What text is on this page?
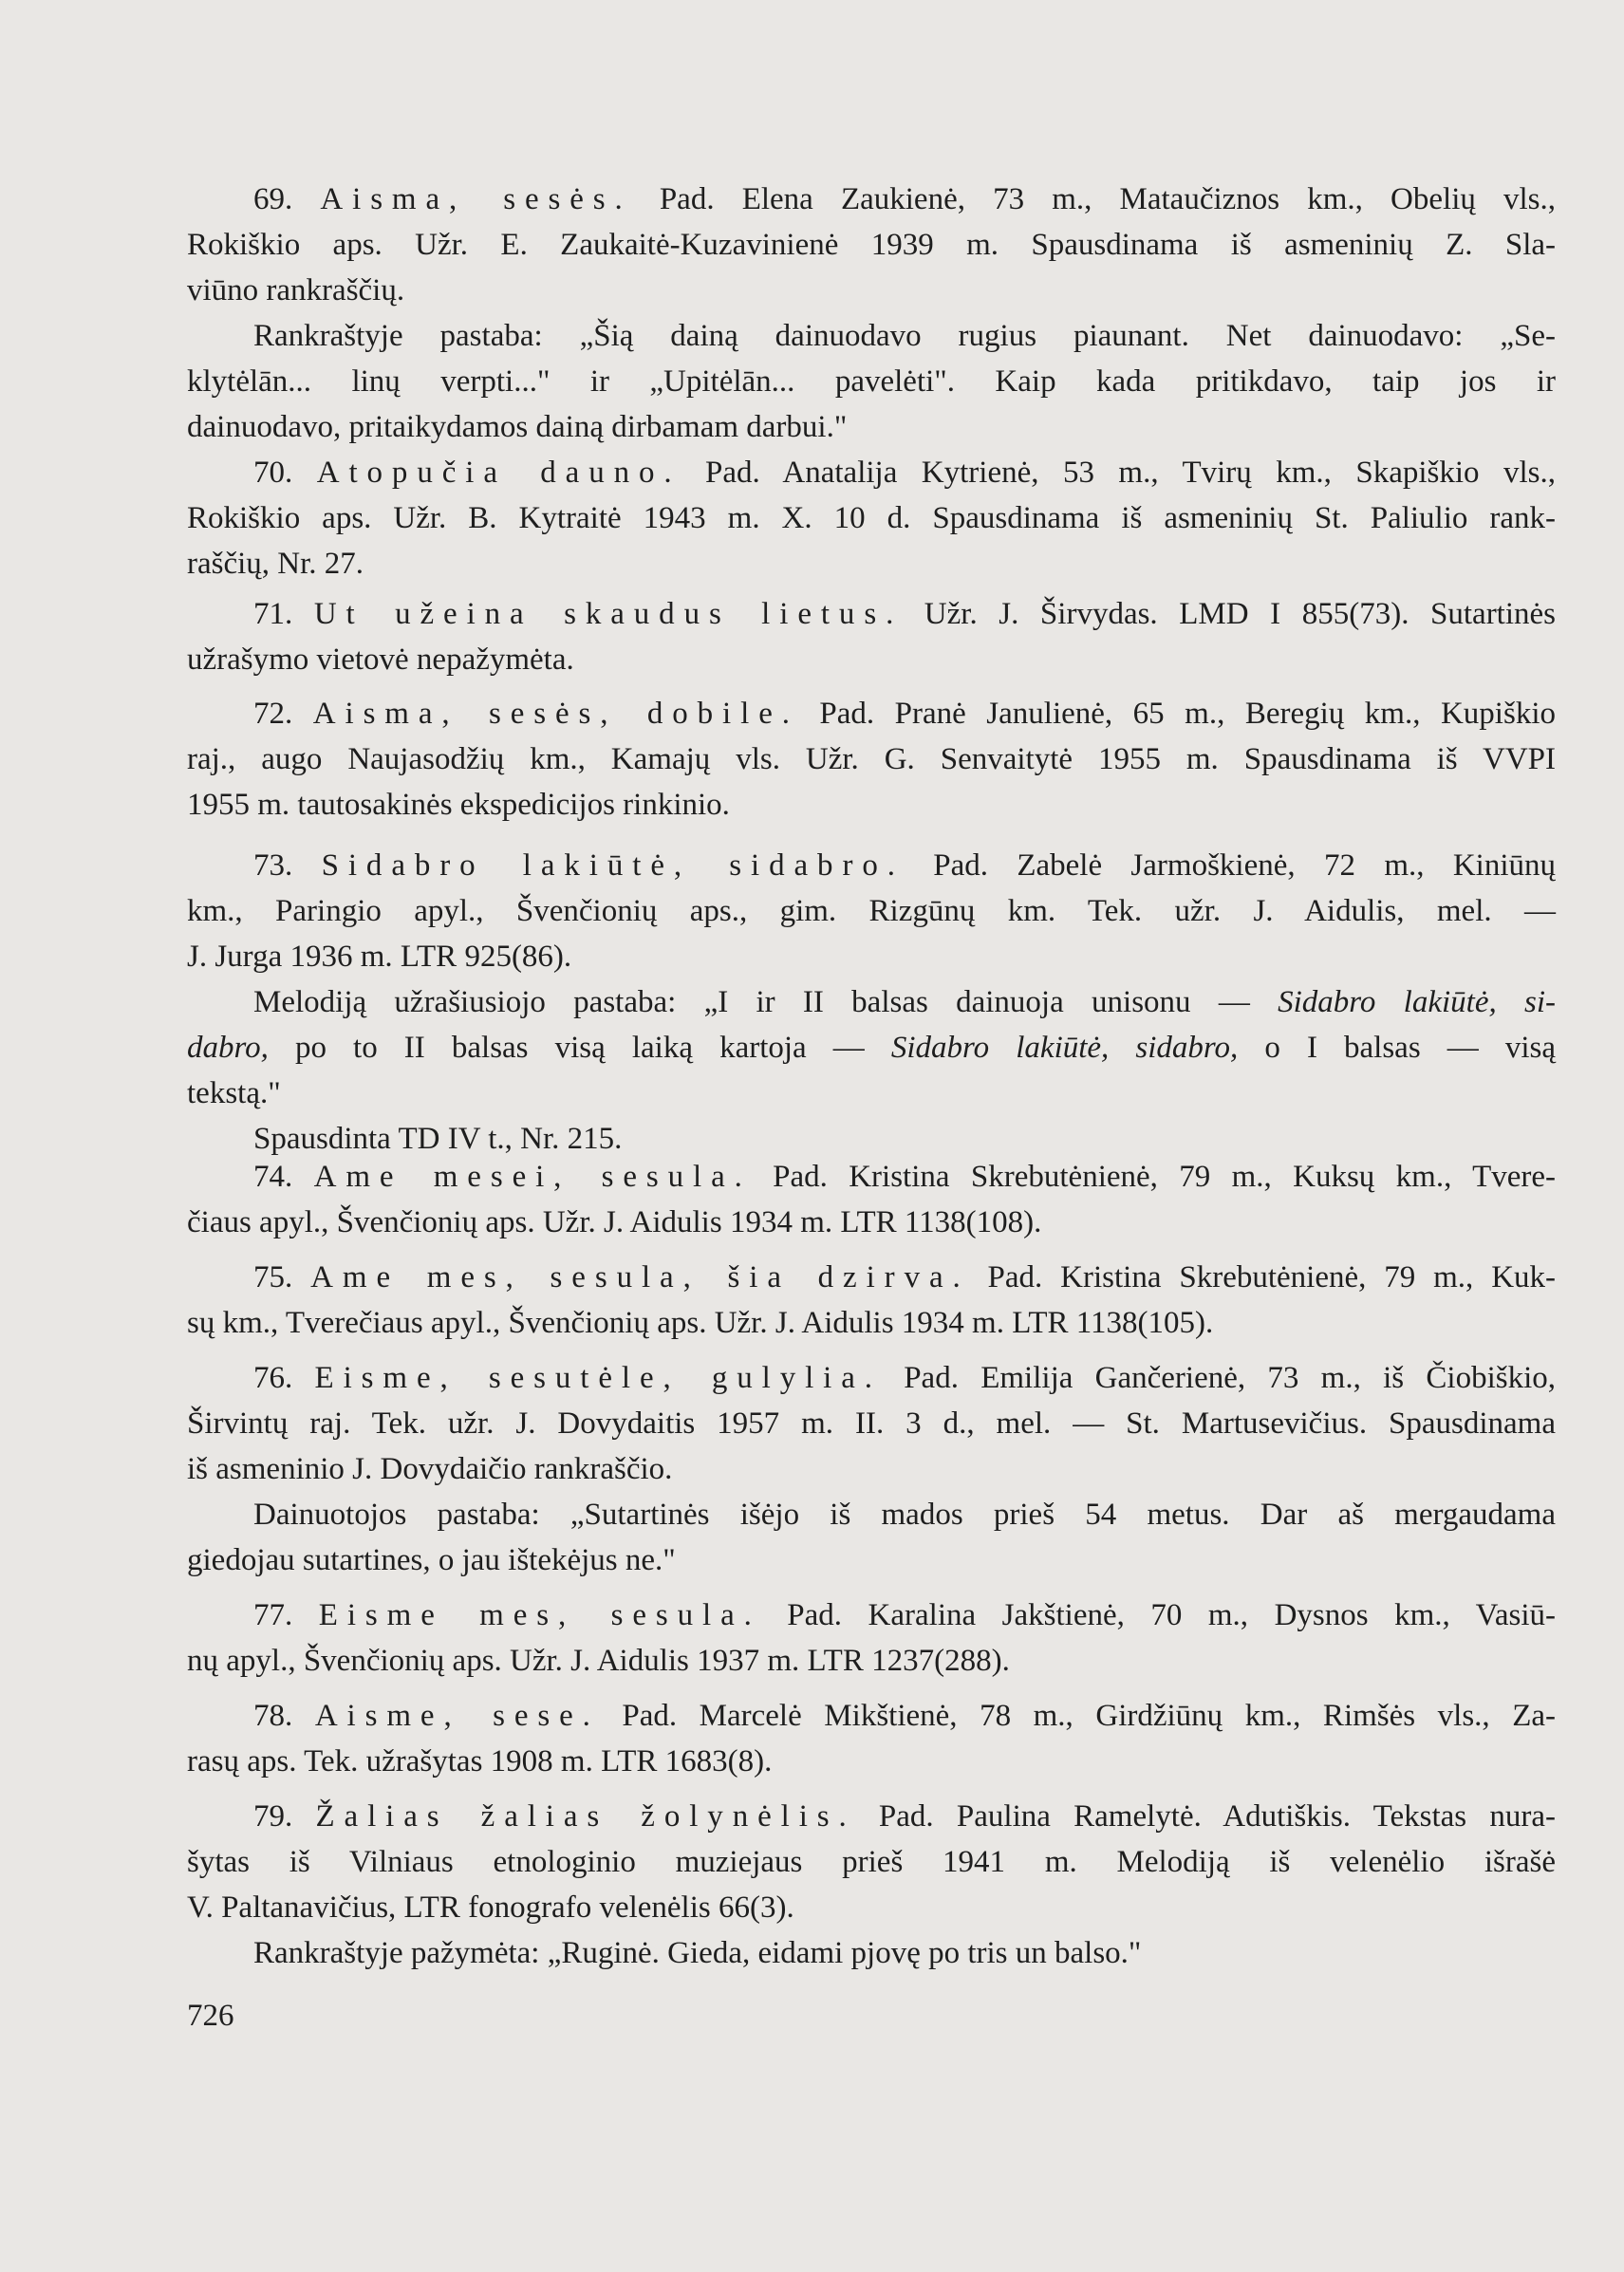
69. Aisma, sesės. Pad. Elena Zaukienė, 73 m., Mataučiznos km., Obelių vls.,
Rokiškio aps. Užr. E. Zaukaitė-Kuzavinienė 1939 m. Spausdinama iš asmeninių Z. Sla-
viūno rankraščių.
Rankraštyje pastaba: „Šią dainą dainuodavo rugius piaunant. Net dainuodavo: „Se-
klytėlān... linų verpti..." ir „Upitėlān... pavelėti". Kaip kada pritikdavo, taip jos ir
dainuodavo, pritaikydamos dainą dirbamam darbui."
70. Atopučia dauno. Pad. Anatalija Kytrienė, 53 m., Tvirų km., Skapiškio vls.,
Rokiškio aps. Užr. B. Kytraitė 1943 m. X. 10 d. Spausdinama iš asmeninių St. Paliulio rank-
raščių, Nr. 27.
71. Ut užeina skaudus lietus. Užr. J. Širvydas. LMD I 855(73). Sutartinės
užrašymo vietovė nepažymėta.
72. Aisma, sesės, dobile. Pad. Pranė Janulienė, 65 m., Beregių km., Kupiškio
raj., augo Naujasodžių km., Kamajų vls. Užr. G. Senvaitytė 1955 m. Spausdinama iš VVPI
1955 m. tautosakinės ekspedicijos rinkinio.
73. Sidabro lakiūtė, sidabro. Pad. Zabelė Jarmoškienė, 72 m., Kiniūnų
km., Paringio apyl., Švenčionių aps., gim. Rizgūnų km. Tek. užr. J. Aidulis, mel. —
J. Jurga 1936 m. LTR 925(86).
Melodiją užrašiusiojo pastaba: „I ir II balsas dainuoja unisonu — Sidabro lakiūtė, si-
dabro, po to II balsas visą laiką kartoja — Sidabro lakiūtė, sidabro, o I balsas — visą
tekstą."
Spausdinta TD IV t., Nr. 215.
74. Ame mesei, sesula. Pad. Kristina Skrebutėnienė, 79 m., Kuksų km., Tvere-
čiaus apyl., Švenčionių aps. Užr. J. Aidulis 1934 m. LTR 1138(108).
75. Ame mes, sesula, šia dzirva. Pad. Kristina Skrebutėnienė, 79 m., Kuk-
sų km., Tverečiaus apyl., Švenčionių aps. Užr. J. Aidulis 1934 m. LTR 1138(105).
76. Eisme, sesutėle, gulylia. Pad. Emilija Gančerienė, 73 m., iš Čiobiškio,
Širvintų raj. Tek. užr. J. Dovydaitis 1957 m. II. 3 d., mel. — St. Martusevičius. Spausdinama
iš asmeninio J. Dovydaičio rankraščio.
Dainuotojos pastaba: „Sutartinės išėjo iš mados prieš 54 metus. Dar aš mergaudama
giedojau sutartines, o jau ištekėjus ne."
77. Eisme mes, sesula. Pad. Karalina Jakštienė, 70 m., Dysnos km., Vasiū-
nų apyl., Švenčionių aps. Užr. J. Aidulis 1937 m. LTR 1237(288).
78. Aisme, sese. Pad. Marcelė Mikštienė, 78 m., Girdžiūnų km., Rimšės vls., Za-
rasų aps. Tek. užrašytas 1908 m. LTR 1683(8).
79. Žalias žalias žolynėlis. Pad. Paulina Ramelytė. Adutiškis. Tekstas nura-
šytas iš Vilniaus etnologinio muziejaus prieš 1941 m. Melodiją iš velenėlio išrašė
V. Paltanavičius, LTR fonografo velenėlis 66(3).
Rankraštyje pažymėta: „Ruginė. Gieda, eidami pjovę po tris un balso."
726
